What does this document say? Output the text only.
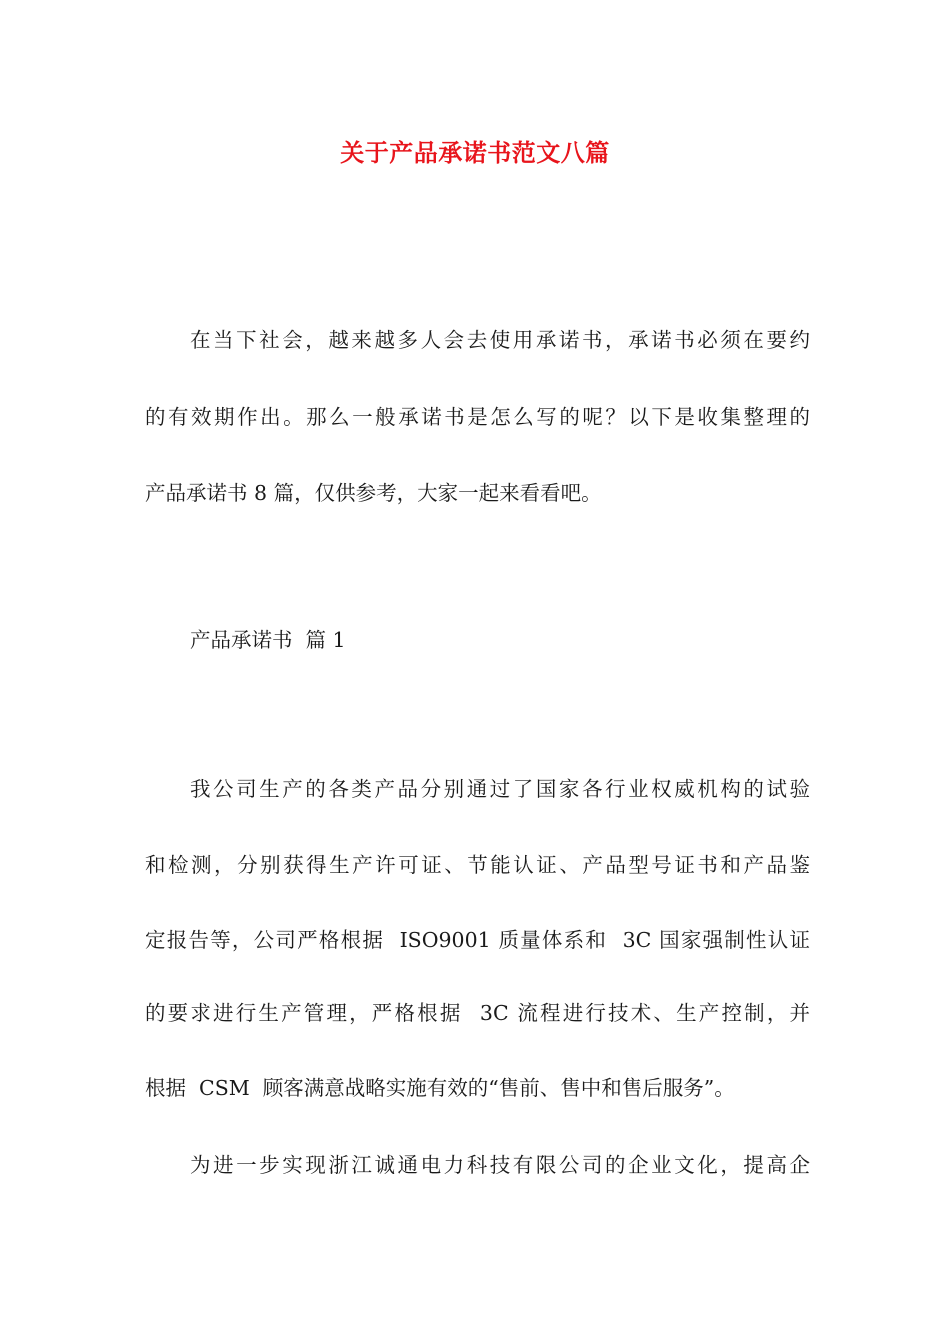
关于产品承诺书范文八篇
在当下社会，越来越多人会去使用承诺书，承诺书必须在要约
的有效期作出。那么一般承诺书是怎么写的呢？以下是收集整理的
产品承诺书 8 篇，仅供参考，大家一起来看看吧。
产品承诺书  篇 1
我公司生产的各类产品分别通过了国家各行业权威机构的试验
和检测，分别获得生产许可证、节能认证、产品型号证书和产品鉴
定报告等，公司严格根据  ISO9001 质量体系和  3C 国家强制性认证
的要求进行生产管理，严格根据  3C 流程进行技术、生产控制，并
根据  CSM  顾客满意战略实施有效的“售前、售中和售后服务”。
为进一步实现浙江诚通电力科技有限公司的企业文化，提高企
